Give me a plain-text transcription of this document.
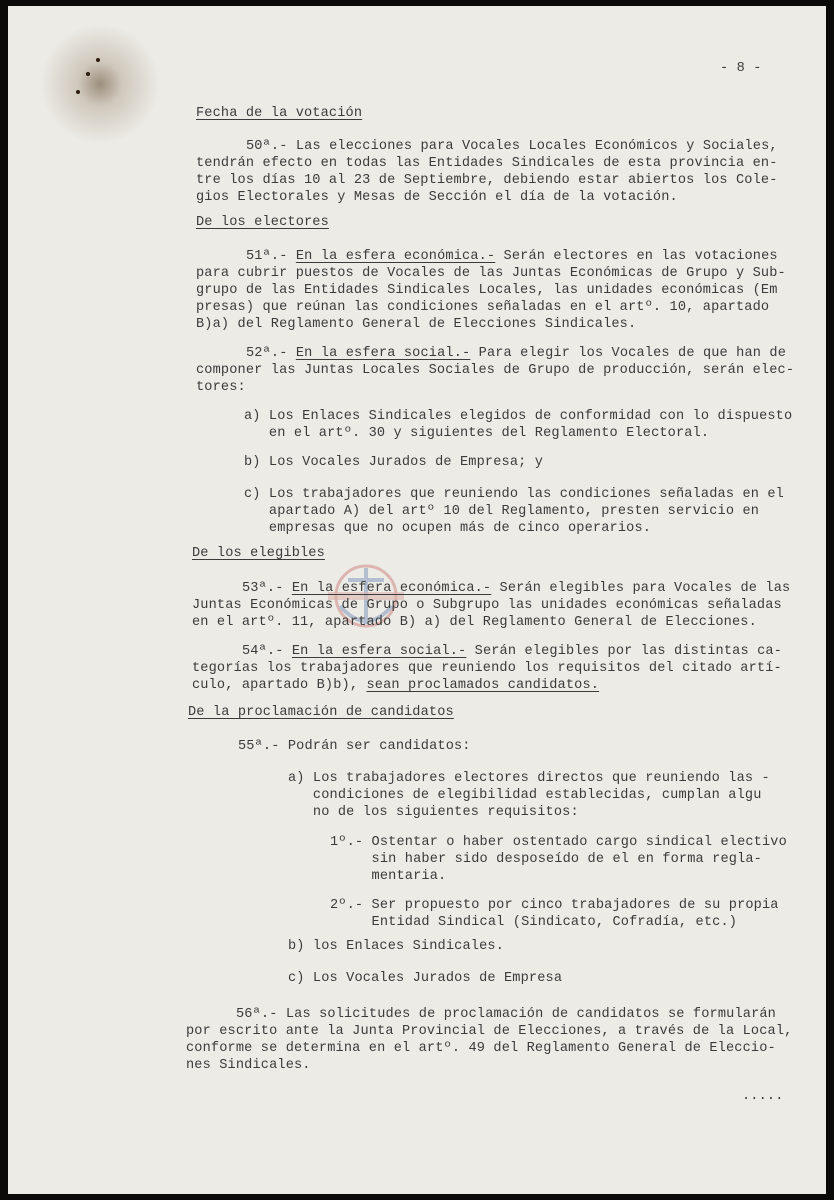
- 8 -
Fecha de la votación
50ª.- Las elecciones para Vocales Locales Económicos y Sociales,
tendrán efecto en todas las Entidades Sindicales de esta provincia en-
tre los días 10 al 23 de Septiembre, debiendo estar abiertos los Cole-
gios Electorales y Mesas de Sección el día de la votación.
De los electores
51ª.- En la esfera económica.- Serán electores en las votaciones
para cubrir puestos de Vocales de las Juntas Económicas de Grupo y Sub-
grupo de las Entidades Sindicales Locales, las unidades económicas (Em
presas) que reúnan las condiciones señaladas en el artº. 10, apartado
B)a) del Reglamento General de Elecciones Sindicales.
52ª.- En la esfera social.- Para elegir los Vocales de que han de
componer las Juntas Locales Sociales de Grupo de producción, serán elec-
tores:
a) Los Enlaces Sindicales elegidos de conformidad con lo dispuesto
en el artº. 30 y siguientes del Reglamento Electoral.
b) Los Vocales Jurados de Empresa; y
c) Los trabajadores que reuniendo las condiciones señaladas en el
apartado A) del artº 10 del Reglamento, presten servicio en
empresas que no ocupen más de cinco operarios.
De los elegibles
53ª.- En la esfera económica.- Serán elegibles para Vocales de las
Juntas Económicas de Grupo o Subgrupo las unidades económicas señaladas
en el artº. 11, apartado B) a) del Reglamento General de Elecciones.
54ª.- En la esfera social.- Serán elegibles por las distintas ca-
tegorías los trabajadores que reuniendo los requisitos del citado artí-
culo, apartado B)b), sean proclamados candidatos.
De la proclamación de candidatos
55ª.- Podrán ser candidatos:
a) Los trabajadores electores directos que reuniendo las -
condiciones de elegibilidad establecidas, cumplan algu
no de los siguientes requisitos:
1º.- Ostentar o haber ostentado cargo sindical electivo
sin haber sido desposeído de el en forma regla-
mentaria.
2º.- Ser propuesto por cinco trabajadores de su propia
Entidad Sindical (Sindicato, Cofradía, etc.)
b) los Enlaces Sindicales.
c) Los Vocales Jurados de Empresa
56ª.- Las solicitudes de proclamación de candidatos se formularán
por escrito ante la Junta Provincial de Elecciones, a través de la Local,
conforme se determina en el artº. 49 del Reglamento General de Eleccio-
nes Sindicales.
.....
